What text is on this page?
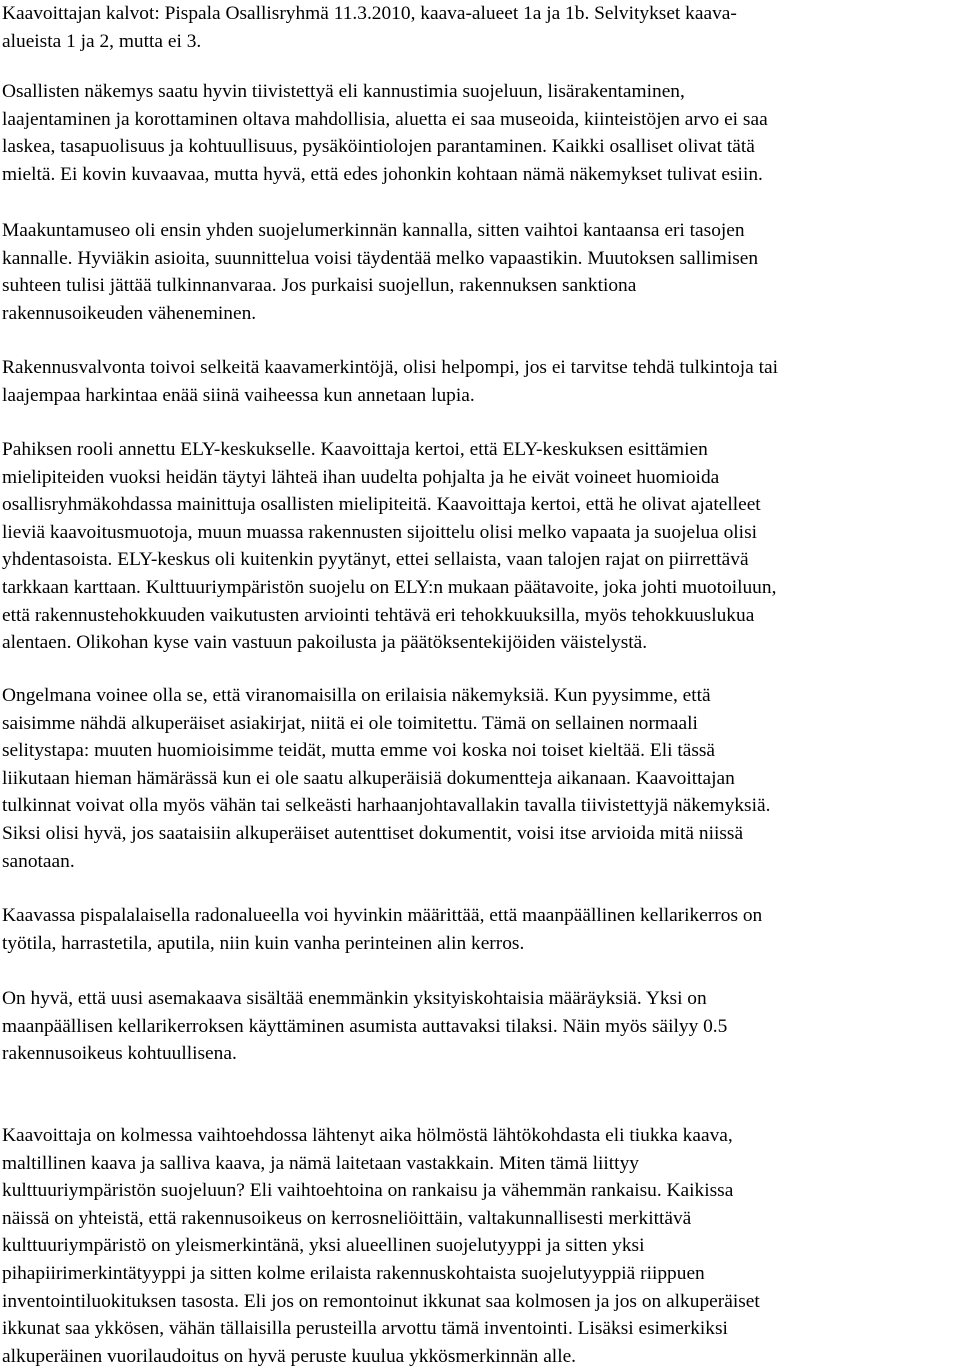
Kaavoittajan kalvot: Pispala Osallisryhmä 11.3.2010, kaava-alueet 1a ja 1b. Selvitykset kaava-
alueista 1 ja 2, mutta ei 3.
Osallisten näkemys saatu hyvin tiivistettyä eli kannustimia suojeluun, lisärakentaminen,
laajentaminen ja korottaminen oltava mahdollisia, aluetta ei saa museoida, kiinteistöjen arvo ei saa
laskea, tasapuolisuus ja kohtuullisuus, pysäköintiolojen parantaminen. Kaikki osalliset olivat tätä
mieltä. Ei kovin kuvaavaa, mutta hyvä, että edes johonkin kohtaan nämä näkemykset tulivat esiin.
Maakuntamuseo oli ensin yhden suojelumerkinnän kannalla, sitten vaihtoi kantaansa eri tasojen
kannalle. Hyviäkin asioita, suunnittelua voisi täydentää melko vapaastikin. Muutoksen sallimisen
suhteen tulisi jättää tulkinnanvaraa. Jos purkaisi suojellun, rakennuksen sanktiona
rakennusoikeuden väheneminen.
Rakennusvalvonta toivoi selkeitä kaavamerkintöjä, olisi helpompi, jos ei tarvitse tehdä tulkintoja tai
laajempaa harkintaa enää siinä vaiheessa kun annetaan lupia.
Pahiksen rooli annettu ELY-keskukselle. Kaavoittaja kertoi, että ELY-keskuksen esittämien
mielipiteiden vuoksi heidän täytyi lähteä ihan uudelta pohjalta ja he eivät voineet huomioida
osallisryhmäkohdassa mainittuja osallisten mielipiteitä. Kaavoittaja kertoi, että he olivat ajatelleet
lieviä kaavoitusmuotoja, muun muassa rakennusten sijoittelu olisi melko vapaata ja suojelua olisi
yhdentasoista. ELY-keskus oli kuitenkin pyytänyt, ettei sellaista, vaan talojen rajat on piirrettävä
tarkkaan karttaan. Kulttuuriympäristön suojelu on ELY:n mukaan päätavoite, joka johti muotoiluun,
että rakennustehokkuuden vaikutusten arviointi tehtävä eri tehokkuuksilla, myös tehokkuuslukua
alentaen. Olikohan kyse vain vastuun pakoilusta ja päätöksentekijöiden väistelystä.
Ongelmana voinee olla se, että viranomaisilla on erilaisia näkemyksiä. Kun pyysimme, että
saisimme nähdä alkuperäiset asiakirjat, niitä ei ole toimitettu. Tämä on sellainen normaali
selitystapa: muuten huomioisimme teidät, mutta emme voi koska noi toiset kieltää. Eli tässä
liikutaan hieman hämärässä kun ei ole saatu alkuperäisiä dokumentteja aikanaan. Kaavoittajan
tulkinnat voivat olla myös vähän tai selkeästi harhaanjohtavallakin tavalla tiivistettyjä näkemyksiä.
Siksi olisi hyvä, jos saataisiin alkuperäiset autenttiset dokumentit, voisi itse arvioida mitä niissä
sanotaan.
Kaavassa pispalalaisella radonalueella voi hyvinkin määrittää, että maanpäällinen kellarikerros on
työtila, harrastetila, aputila, niin kuin vanha perinteinen alin kerros.
On hyvä, että uusi asemakaava sisältää enemmänkin yksityiskohtaisia määräyksiä. Yksi on
maanpäällisen kellarikerroksen käyttäminen asumista auttavaksi tilaksi. Näin myös säilyy 0.5
rakennusoikeus kohtuullisena.
Kaavoittaja on kolmessa vaihtoehdossa lähtenyt aika hölmöstä lähtökohdasta eli tiukka kaava,
maltillinen kaava ja salliva kaava, ja nämä laitetaan vastakkain. Miten tämä liittyy
kulttuuriympäristön suojeluun? Eli vaihtoehtoina on rankaisu ja vähemmän rankaisu. Kaikissa
näissä on yhteistä, että rakennusoikeus on kerrosneliöittäin, valtakunnallisesti merkittävä
kulttuuriympäristö on yleismerkintänä, yksi alueellinen suojelutyyppi ja sitten yksi
pihapiirimerkintätyyppi ja sitten kolme erilaista rakennuskohtaista suojelutyyppiä riippuen
inventointiluokituksen tasosta. Eli jos on remontoinut ikkunat saa kolmosen ja jos on alkuperäiset
ikkunat saa ykkösen, vähän tällaisilla perusteilla arvottu tämä inventointi. Lisäksi esimerkiksi
alkuperäinen vuorilaudoitus on hyvä peruste kuulua ykkösmerkinnän alle.
